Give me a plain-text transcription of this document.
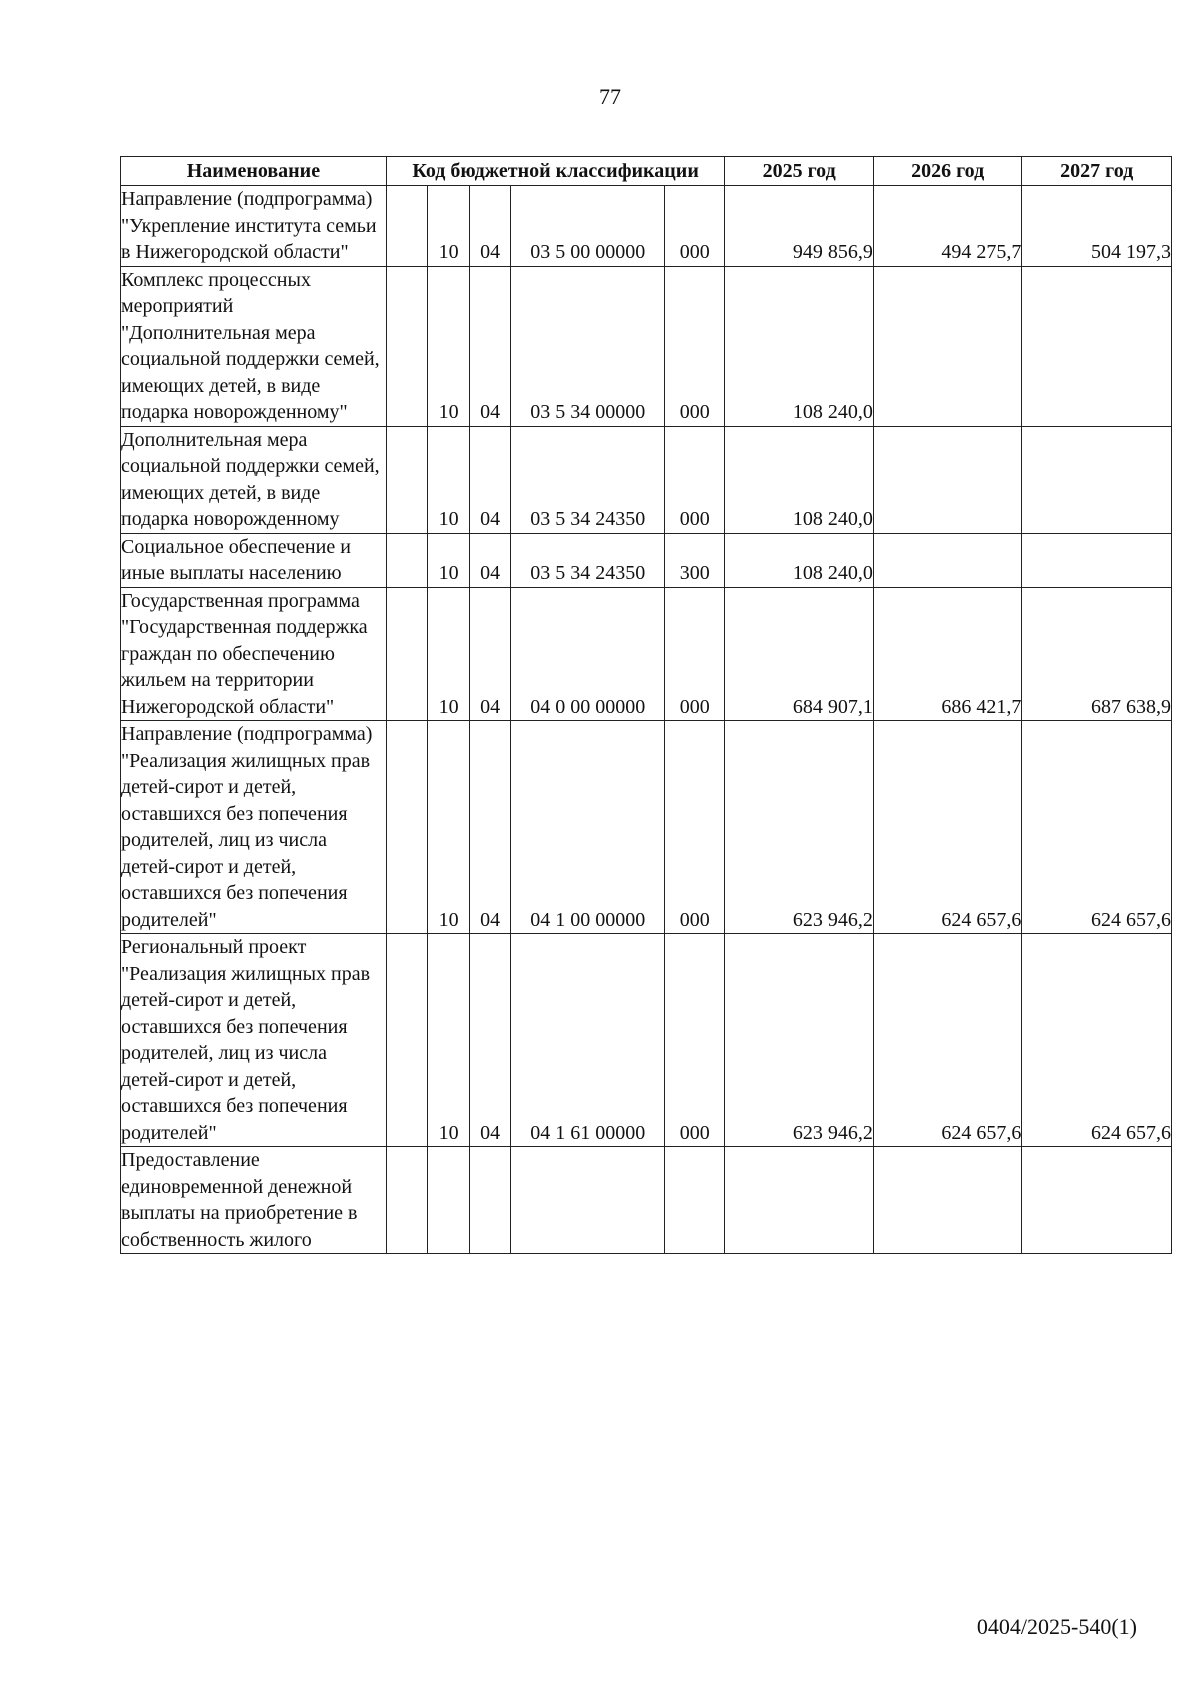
77
Наименование	Код бюджетной классификации					2025 год	2026 год	2027 год
Направление (подпрограмма) "Укрепление института семьи в Нижегородской области"		10	04	03 5 00 00000	000	949 856,9	494 275,7	504 197,3
Комплекс процессных мероприятий "Дополнительная мера социальной поддержки семей, имеющих детей, в виде подарка новорожденному"		10	04	03 5 34 00000	000	108 240,0		
Дополнительная мера социальной поддержки семей, имеющих детей, в виде подарка новорожденному		10	04	03 5 34 24350	000	108 240,0		
Социальное обеспечение и иные выплаты населению		10	04	03 5 34 24350	300	108 240,0		
Государственная программа "Государственная поддержка граждан по обеспечению жильем на территории Нижегородской области"		10	04	04 0 00 00000	000	684 907,1	686 421,7	687 638,9
Направление (подпрограмма) "Реализация жилищных прав детей-сирот и детей, оставшихся без попечения родителей, лиц из числа детей-сирот и детей, оставшихся без попечения родителей"		10	04	04 1 00 00000	000	623 946,2	624 657,6	624 657,6
Региональный проект "Реализация жилищных прав детей-сирот и детей, оставшихся без попечения родителей, лиц из числа детей-сирот и детей, оставшихся без попечения родителей"		10	04	04 1 61 00000	000	623 946,2	624 657,6	624 657,6
Предоставление единовременной денежной выплаты на приобретение в собственность жилого								
0404/2025-540(1)
